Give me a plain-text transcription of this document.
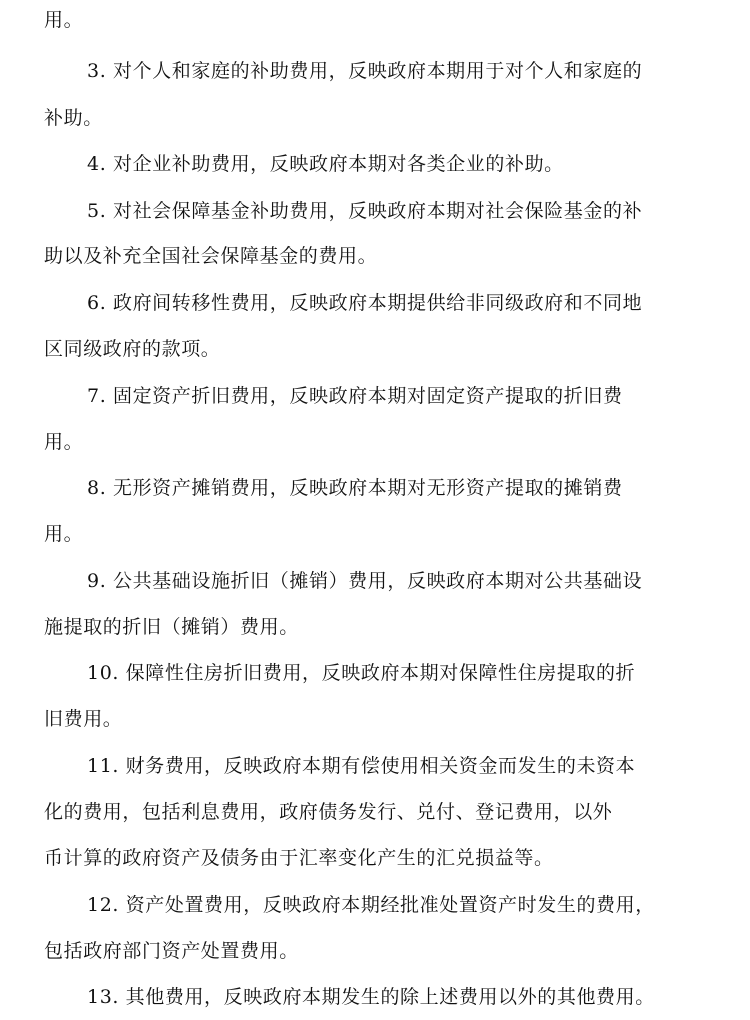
用。
3. 对个人和家庭的补助费用，反映政府本期用于对个人和家庭的
补助。
4. 对企业补助费用，反映政府本期对各类企业的补助。
5. 对社会保障基金补助费用，反映政府本期对社会保险基金的补
助以及补充全国社会保障基金的费用。
6. 政府间转移性费用，反映政府本期提供给非同级政府和不同地
区同级政府的款项。
7. 固定资产折旧费用，反映政府本期对固定资产提取的折旧费
用。
8. 无形资产摊销费用，反映政府本期对无形资产提取的摊销费
用。
9. 公共基础设施折旧（摊销）费用，反映政府本期对公共基础设
施提取的折旧（摊销）费用。
10. 保障性住房折旧费用，反映政府本期对保障性住房提取的折
旧费用。
11. 财务费用，反映政府本期有偿使用相关资金而发生的未资本
化的费用，包括利息费用，政府债务发行、兑付、登记费用，以外
币计算的政府资产及债务由于汇率变化产生的汇兑损益等。
12. 资产处置费用，反映政府本期经批准处置资产时发生的费用，
包括政府部门资产处置费用。
13. 其他费用，反映政府本期发生的除上述费用以外的其他费用。
